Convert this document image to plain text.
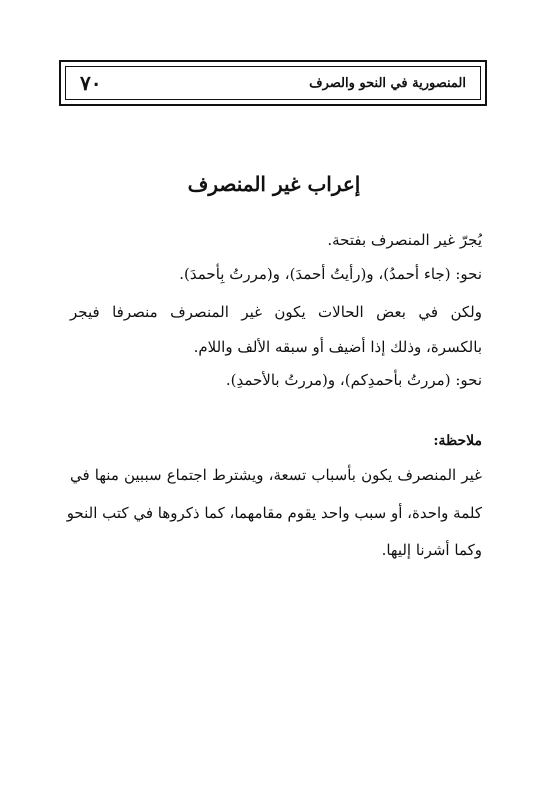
٧٠	المنصورية في النحو والصرف
إعراب غير المنصرف
يُجرّ غير المنصرف بفتحة.
نحو: (جاء أحمدُ)، و(رأيتُ أحمدَ)، و(مررتُ بِأحمدَ).
ولكن في بعض الحالات يكون غير المنصرف منصرفا فيجر
بالكسرة، وذلك إذا أضيف أو سبقه الألف واللام.
نحو: (مررتُ بأحمدِكم)، و(مررتُ بالأحمدِ).
ملاحظة:
غير المنصرف يكون بأسباب تسعة، ويشترط اجتماع سببين منها في
كلمة واحدة، أو سبب واحد يقوم مقامهما، كما ذكروها في كتب النحو
وكما أشرنا إليها.
